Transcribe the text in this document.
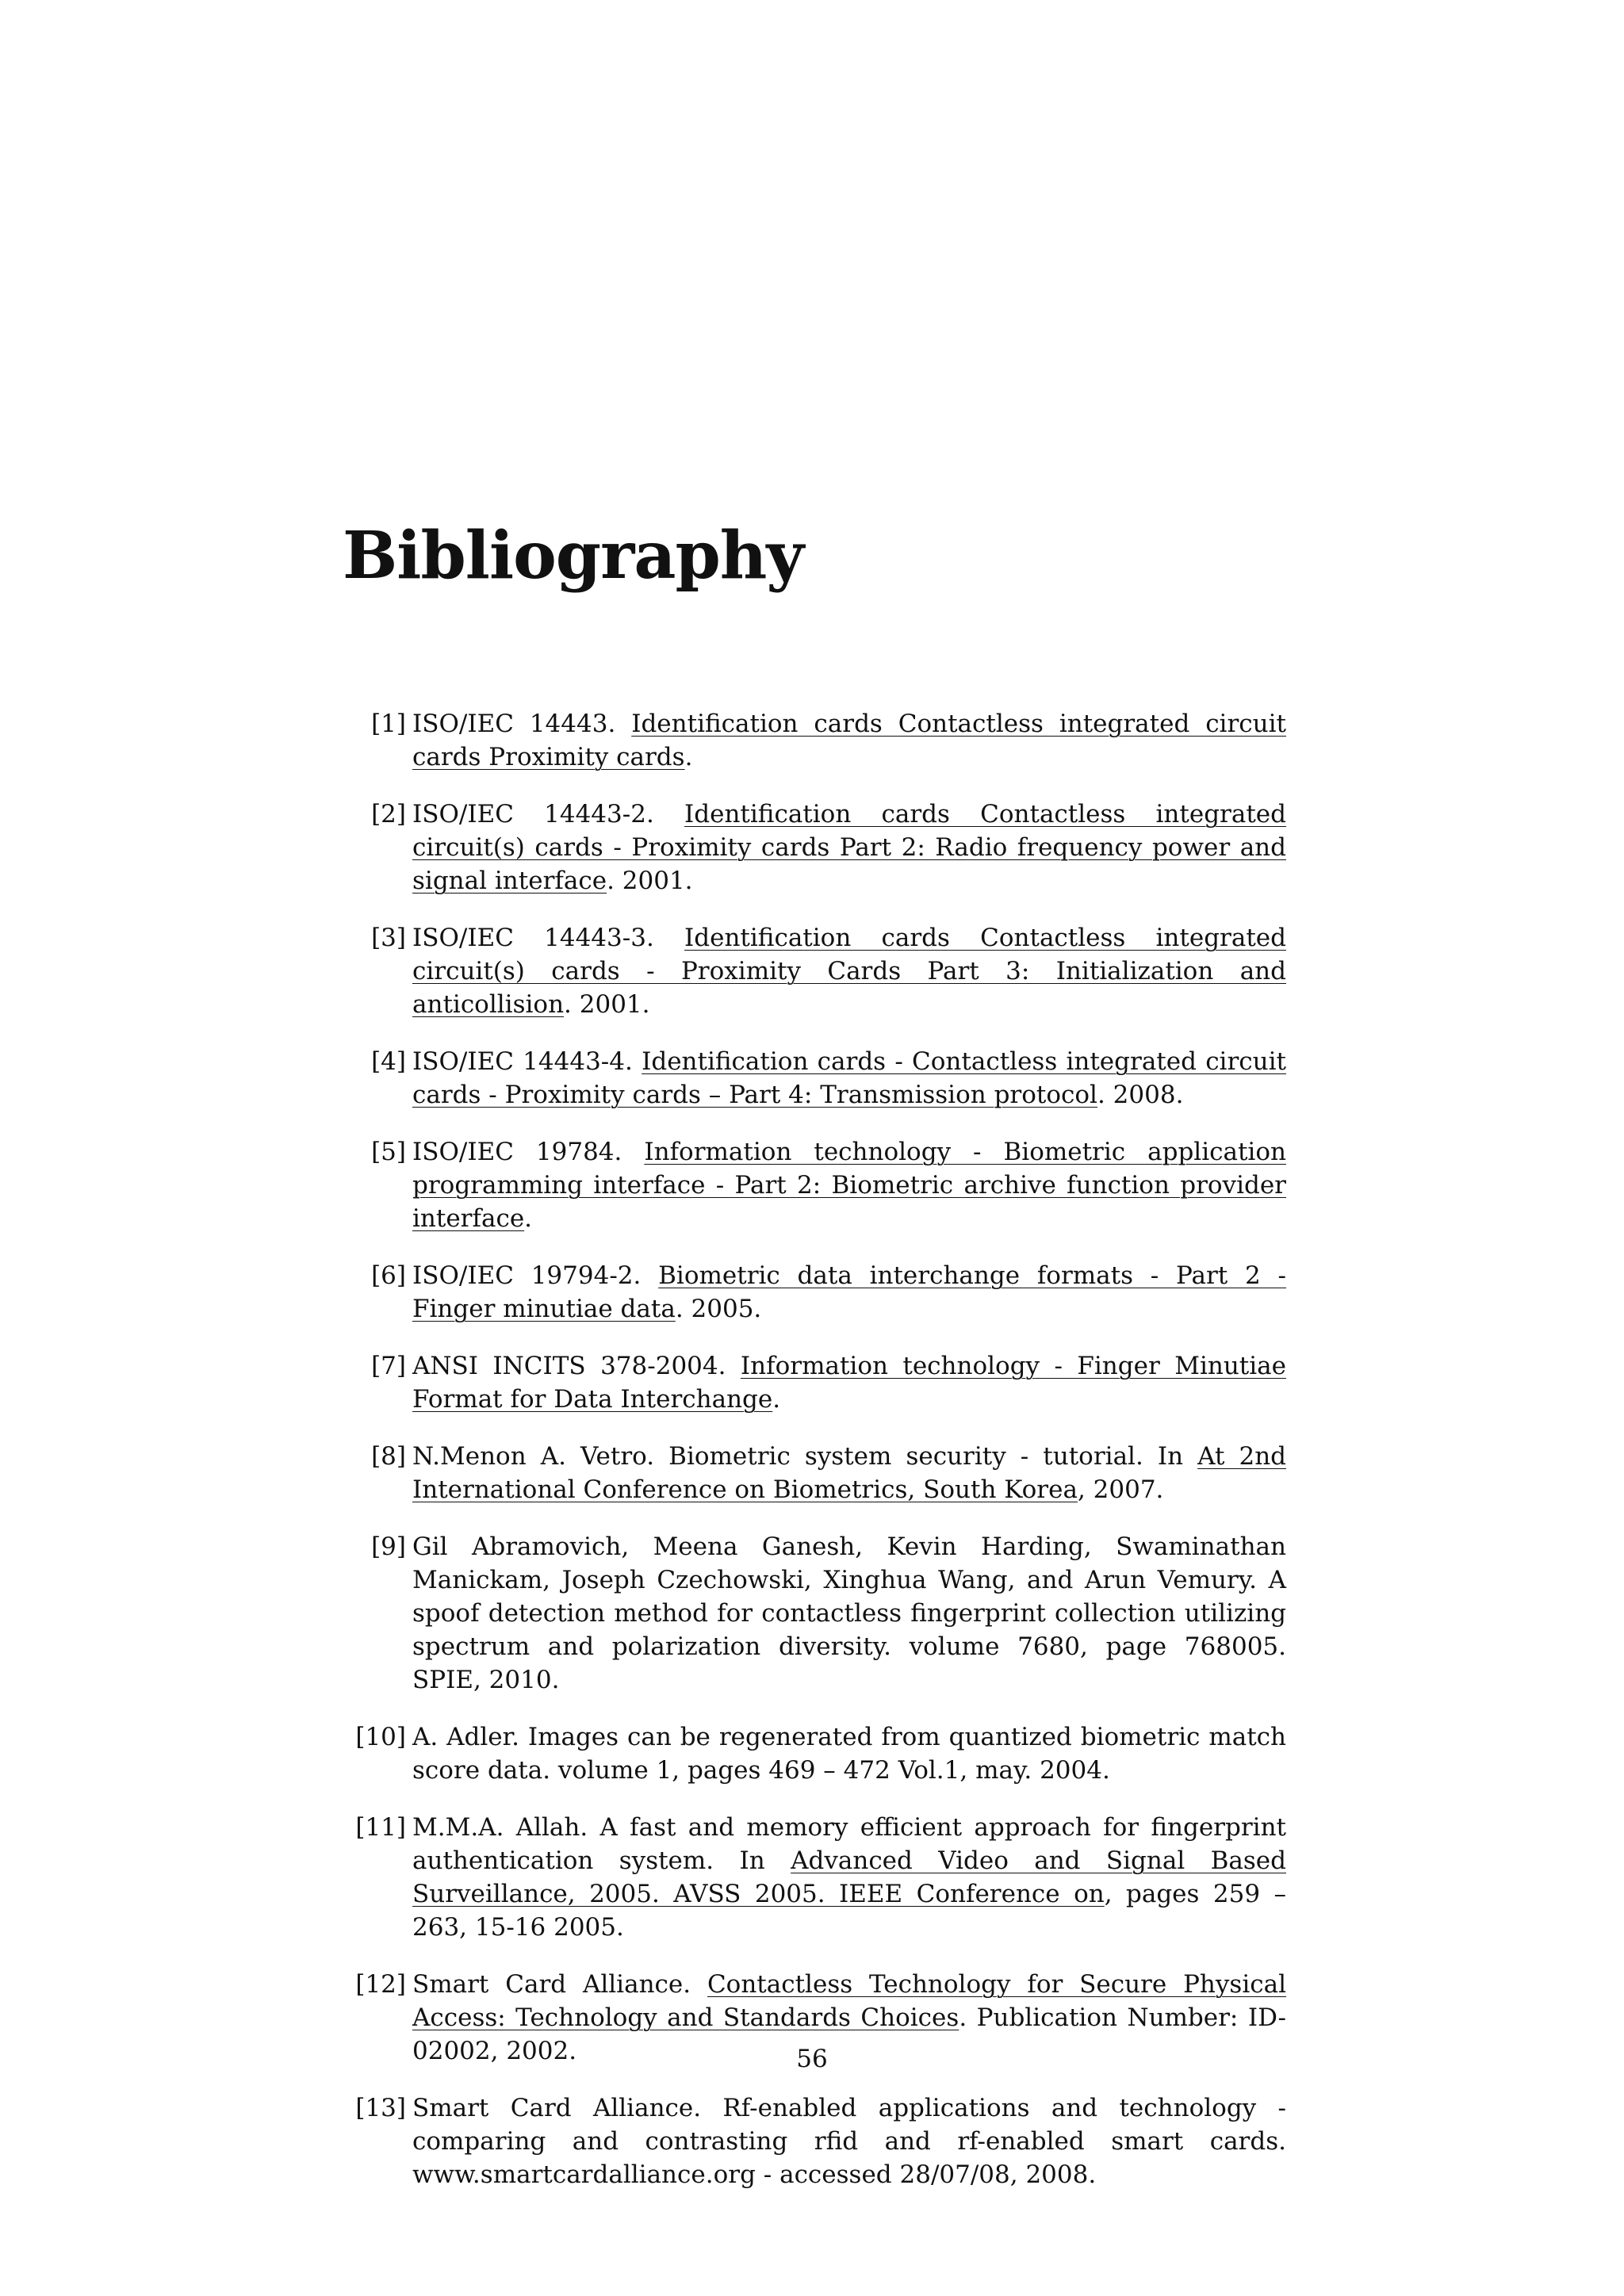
Bibliography
[1] ISO/IEC 14443. Identification cards Contactless integrated circuit cards Proximity cards.
[2] ISO/IEC 14443-2. Identification cards Contactless integrated circuit(s) cards - Proximity cards Part 2: Radio frequency power and signal interface. 2001.
[3] ISO/IEC 14443-3. Identification cards Contactless integrated circuit(s) cards - Proximity Cards Part 3: Initialization and anticollision. 2001.
[4] ISO/IEC 14443-4. Identification cards - Contactless integrated circuit cards - Proximity cards – Part 4: Transmission protocol. 2008.
[5] ISO/IEC 19784. Information technology - Biometric application programming interface - Part 2: Biometric archive function provider interface.
[6] ISO/IEC 19794-2. Biometric data interchange formats - Part 2 - Finger minutiae data. 2005.
[7] ANSI INCITS 378-2004. Information technology - Finger Minutiae Format for Data Interchange.
[8] N.Menon A. Vetro. Biometric system security - tutorial. In At 2nd International Conference on Biometrics, South Korea, 2007.
[9] Gil Abramovich, Meena Ganesh, Kevin Harding, Swaminathan Manickam, Joseph Czechowski, Xinghua Wang, and Arun Vemury. A spoof detection method for contactless fingerprint collection utilizing spectrum and polarization diversity. volume 7680, page 768005. SPIE, 2010.
[10] A. Adler. Images can be regenerated from quantized biometric match score data. volume 1, pages 469 – 472 Vol.1, may. 2004.
[11] M.M.A. Allah. A fast and memory efficient approach for fingerprint authentication system. In Advanced Video and Signal Based Surveillance, 2005. AVSS 2005. IEEE Conference on, pages 259 – 263, 15-16 2005.
[12] Smart Card Alliance. Contactless Technology for Secure Physical Access: Technology and Standards Choices. Publication Number: ID-02002, 2002.
[13] Smart Card Alliance. Rf-enabled applications and technology - comparing and contrasting rfid and rf-enabled smart cards. www.smartcardalliance.org - accessed 28/07/08, 2008.
56
